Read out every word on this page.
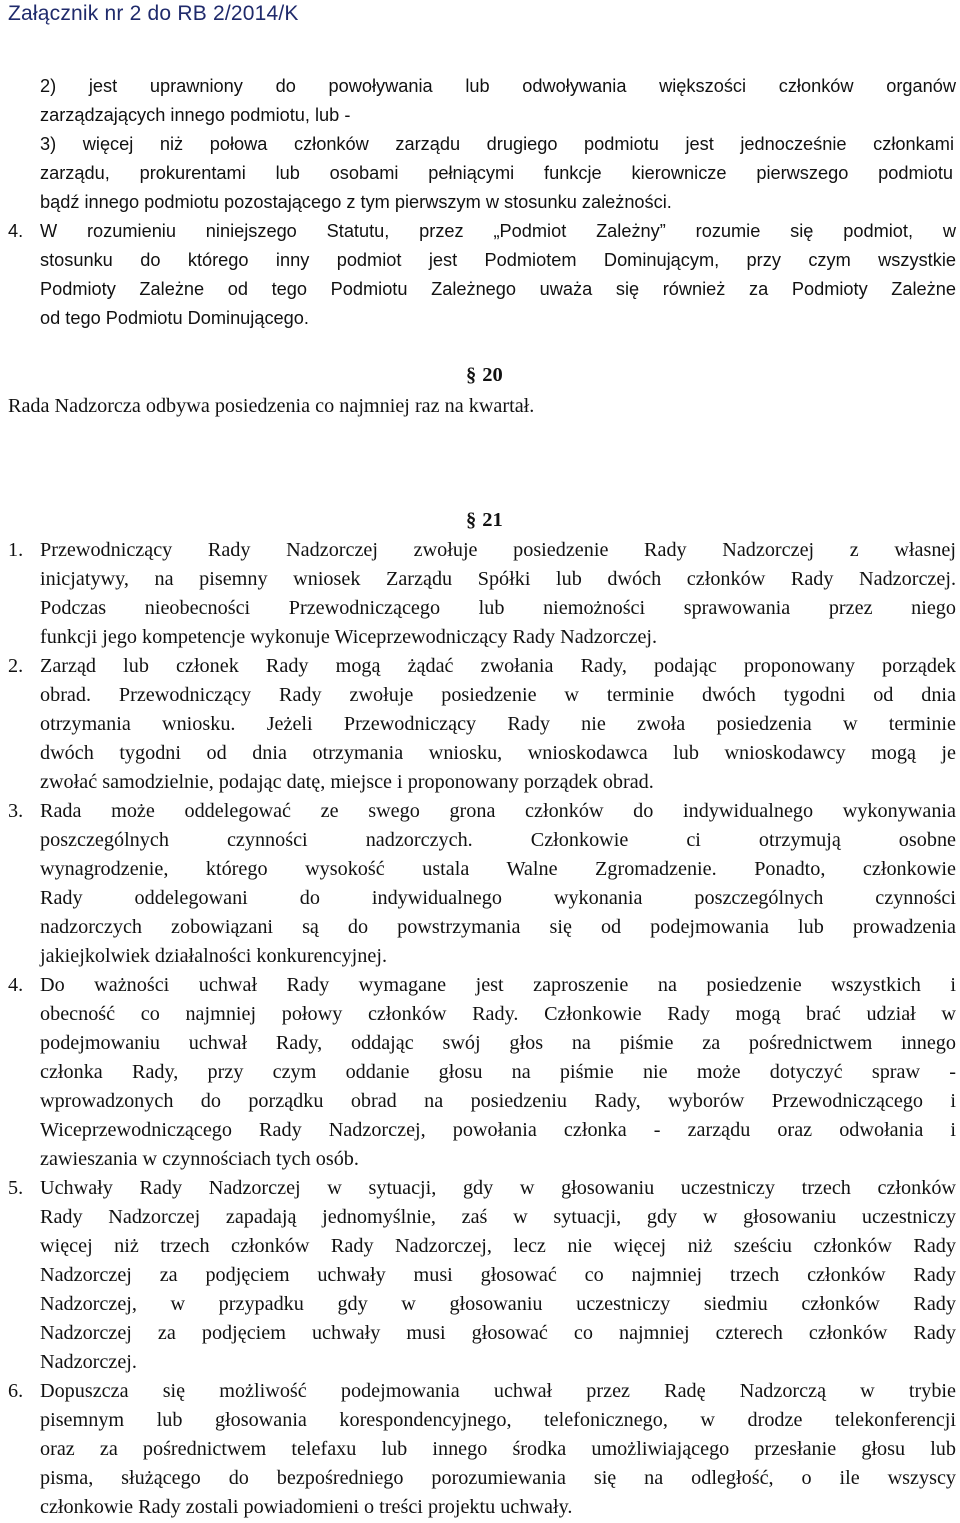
Załącznik nr 2 do RB 2/2014/K
2) jest uprawniony do powoływania lub odwoływania większości członków organów
zarządzających innego podmiotu, lub -
3) więcej niż połowa członków zarządu drugiego podmiotu jest jednocześnie członkami
zarządu, prokurentami lub osobami pełniącymi funkcje kierownicze pierwszego podmiotu
bądź innego podmiotu pozostającego z tym pierwszym w stosunku zależności.
4. W rozumieniu niniejszego Statutu, przez „Podmiot Zależny” rozumie się podmiot, w
stosunku do którego inny podmiot jest Podmiotem Dominującym, przy czym wszystkie
Podmioty Zależne od tego Podmiotu Zależnego uważa się również za Podmioty Zależne
od tego Podmiotu Dominującego.
§ 20
Rada Nadzorcza odbywa posiedzenia co najmniej raz na kwartał.
§ 21
1. Przewodniczący Rady Nadzorczej zwołuje posiedzenie Rady Nadzorczej z własnej
inicjatywy, na pisemny wniosek Zarządu Spółki lub dwóch członków Rady Nadzorczej.
Podczas nieobecności Przewodniczącego lub niemożności sprawowania przez niego
funkcji jego kompetencje wykonuje Wiceprzewodniczący Rady Nadzorczej.
2. Zarząd lub członek Rady mogą żądać zwołania Rady, podając proponowany porządek
obrad. Przewodniczący Rady zwołuje posiedzenie w terminie dwóch tygodni od dnia
otrzymania wniosku. Jeżeli Przewodniczący Rady nie zwoła posiedzenia w terminie
dwóch tygodni od dnia otrzymania wniosku, wnioskodawca lub wnioskodawcy mogą je
zwołać samodzielnie, podając datę, miejsce i proponowany porządek obrad.
3. Rada może oddelegować ze swego grona członków do indywidualnego wykonywania
poszczególnych czynności nadzorczych. Członkowie ci otrzymują osobne
wynagrodzenie, którego wysokość ustala Walne Zgromadzenie. Ponadto, członkowie
Rady oddelegowani do indywidualnego wykonania poszczególnych czynności
nadzorczych zobowiązani są do powstrzymania się od podejmowania lub prowadzenia
jakiejkolwiek działalności konkurencyjnej.
4. Do ważności uchwał Rady wymagane jest zaproszenie na posiedzenie wszystkich i
obecność co najmniej połowy członków Rady. Członkowie Rady mogą brać udział w
podejmowaniu uchwał Rady, oddając swój głos na piśmie za pośrednictwem innego
członka Rady, przy czym oddanie głosu na piśmie nie może dotyczyć spraw -
wprowadzonych do porządku obrad na posiedzeniu Rady, wyborów Przewodniczącego i
Wiceprzewodniczącego Rady Nadzorczej, powołania członka - zarządu oraz odwołania i
zawieszania w czynnościach tych osób.
5. Uchwały Rady Nadzorczej w sytuacji, gdy w głosowaniu uczestniczy trzech członków
Rady Nadzorczej zapadają jednomyślnie, zaś w sytuacji, gdy w głosowaniu uczestniczy
więcej niż trzech członków Rady Nadzorczej, lecz nie więcej niż sześciu członków Rady
Nadzorczej za podjęciem uchwały musi głosować co najmniej trzech członków Rady
Nadzorczej, w przypadku gdy w głosowaniu uczestniczy siedmiu członków Rady
Nadzorczej za podjęciem uchwały musi głosować co najmniej czterech członków Rady
Nadzorczej.
6. Dopuszcza się możliwość podejmowania uchwał przez Radę Nadzorczą w trybie
pisemnym lub głosowania korespondencyjnego, telefonicznego, w drodze telekonferencji
oraz za pośrednictwem telefaxu lub innego środka umożliwiającego przesłanie głosu lub
pisma, służącego do bezpośredniego porozumiewania się na odległość, o ile wszyscy
członkowie Rady zostali powiadomieni o treści projektu uchwały.
